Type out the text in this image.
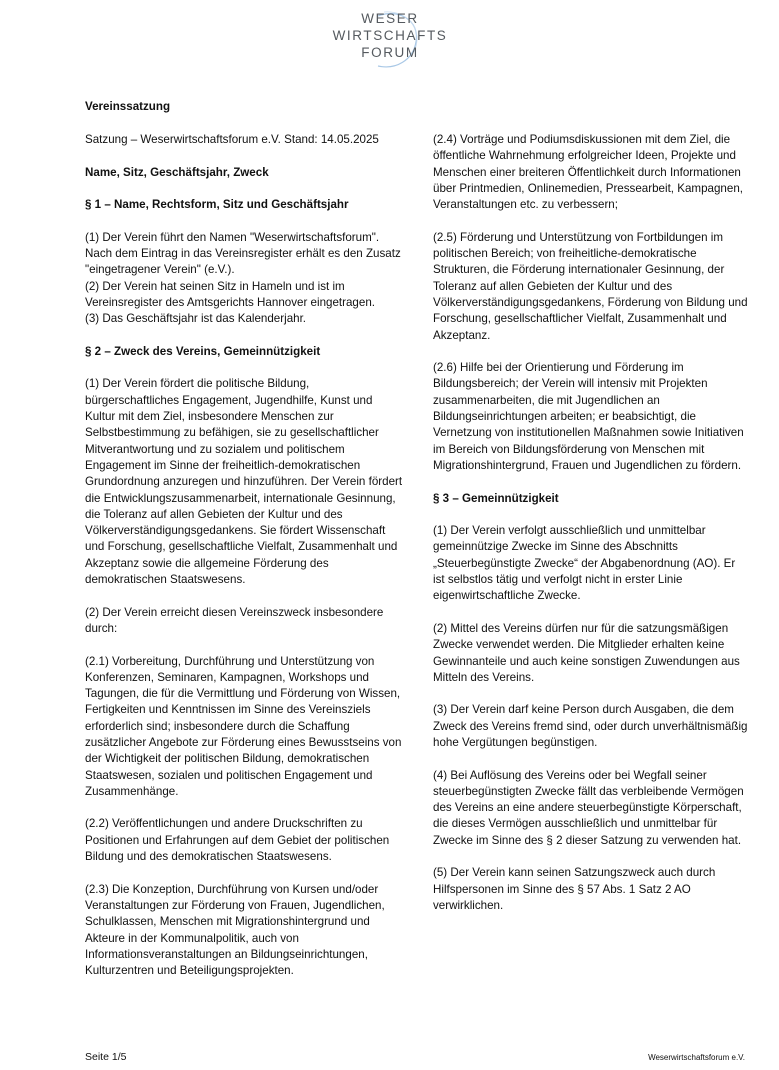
WESER
WIRTSCHAFTS
FORUM
Vereinssatzung
Satzung – Weserwirtschaftsforum e.V. Stand: 14.05.2025
Name, Sitz, Geschäftsjahr, Zweck
§ 1 – Name, Rechtsform, Sitz und Geschäftsjahr
(1) Der Verein führt den Namen "Weserwirtschaftsforum". Nach dem Eintrag in das Vereinsregister erhält es den Zusatz "eingetragener Verein" (e.V.).
(2) Der Verein hat seinen Sitz in Hameln und ist im Vereinsregister des Amtsgerichts Hannover eingetragen.
(3) Das Geschäftsjahr ist das Kalenderjahr.
§ 2 – Zweck des Vereins, Gemeinnützigkeit
(1) Der Verein fördert die politische Bildung, bürgerschaftliches Engagement, Jugendhilfe, Kunst und Kultur mit dem Ziel, insbesondere Menschen zur Selbstbestimmung zu befähigen, sie zu gesellschaftlicher Mitverantwortung und zu sozialem und politischem Engagement im Sinne der freiheitlich-demokratischen Grundordnung anzuregen und hinzuführen. Der Verein fördert die Entwicklungszusammenarbeit, internationale Gesinnung, die Toleranz auf allen Gebieten der Kultur und des Völkerverständigungsgedankens. Sie fördert Wissenschaft und Forschung, gesellschaftliche Vielfalt, Zusammenhalt und Akzeptanz sowie die allgemeine Förderung des demokratischen Staatswesens.
(2) Der Verein erreicht diesen Vereinszweck insbesondere durch:
(2.1) Vorbereitung, Durchführung und Unterstützung von Konferenzen, Seminaren, Kampagnen, Workshops und Tagungen, die für die Vermittlung und Förderung von Wissen, Fertigkeiten und Kenntnissen im Sinne des Vereinsziels erforderlich sind; insbesondere durch die Schaffung zusätzlicher Angebote zur Förderung eines Bewusstseins von der Wichtigkeit der politischen Bildung, demokratischen Staatswesen, sozialen und politischen Engagement und Zusammenhänge.
(2.2) Veröffentlichungen und andere Druckschriften zu Positionen und Erfahrungen auf dem Gebiet der politischen Bildung und des demokratischen Staatswesens.
(2.3) Die Konzeption, Durchführung von Kursen und/oder Veranstaltungen zur Förderung von Frauen, Jugendlichen, Schulklassen, Menschen mit Migrationshintergrund und Akteure in der Kommunalpolitik, auch von Informationsveranstaltungen an Bildungseinrichtungen, Kulturzentren und Beteiligungsprojekten.
(2.4) Vorträge und Podiumsdiskussionen mit dem Ziel, die öffentliche Wahrnehmung erfolgreicher Ideen, Projekte und Menschen einer breiteren Öffentlichkeit durch Informationen über Printmedien, Onlinemedien, Pressearbeit, Kampagnen, Veranstaltungen etc. zu verbessern;
(2.5) Förderung und Unterstützung von Fortbildungen im politischen Bereich; von freiheitliche-demokratische Strukturen, die Förderung internationaler Gesinnung, der Toleranz auf allen Gebieten der Kultur und des Völkerverständigungsgedankens, Förderung von Bildung und Forschung, gesellschaftlicher Vielfalt, Zusammenhalt und Akzeptanz.
(2.6) Hilfe bei der Orientierung und Förderung im Bildungsbereich; der Verein will intensiv mit Projekten zusammenarbeiten, die mit Jugendlichen an Bildungseinrichtungen arbeiten; er beabsichtigt, die Vernetzung von institutionellen Maßnahmen sowie Initiativen im Bereich von Bildungsförderung von Menschen mit Migrationshintergrund, Frauen und Jugendlichen zu fördern.
§ 3 – Gemeinnützigkeit
(1) Der Verein verfolgt ausschließlich und unmittelbar gemeinnützige Zwecke im Sinne des Abschnitts „Steuerbegünstigte Zwecke“ der Abgabenordnung (AO). Er ist selbstlos tätig und verfolgt nicht in erster Linie eigenwirtschaftliche Zwecke.
(2) Mittel des Vereins dürfen nur für die satzungsmäßigen Zwecke verwendet werden. Die Mitglieder erhalten keine Gewinnanteile und auch keine sonstigen Zuwendungen aus Mitteln des Vereins.
(3) Der Verein darf keine Person durch Ausgaben, die dem Zweck des Vereins fremd sind, oder durch unverhältnismäßig hohe Vergütungen begünstigen.
(4) Bei Auflösung des Vereins oder bei Wegfall seiner steuerbegünstigten Zwecke fällt das verbleibende Vermögen des Vereins an eine andere steuerbegünstigte Körperschaft, die dieses Vermögen ausschließlich und unmittelbar für Zwecke im Sinne des § 2 dieser Satzung zu verwenden hat.
(5) Der Verein kann seinen Satzungszweck auch durch Hilfspersonen im Sinne des § 57 Abs. 1 Satz 2 AO verwirklichen.
Seite 1/5	Weserwirtschaftsforum e.V.
